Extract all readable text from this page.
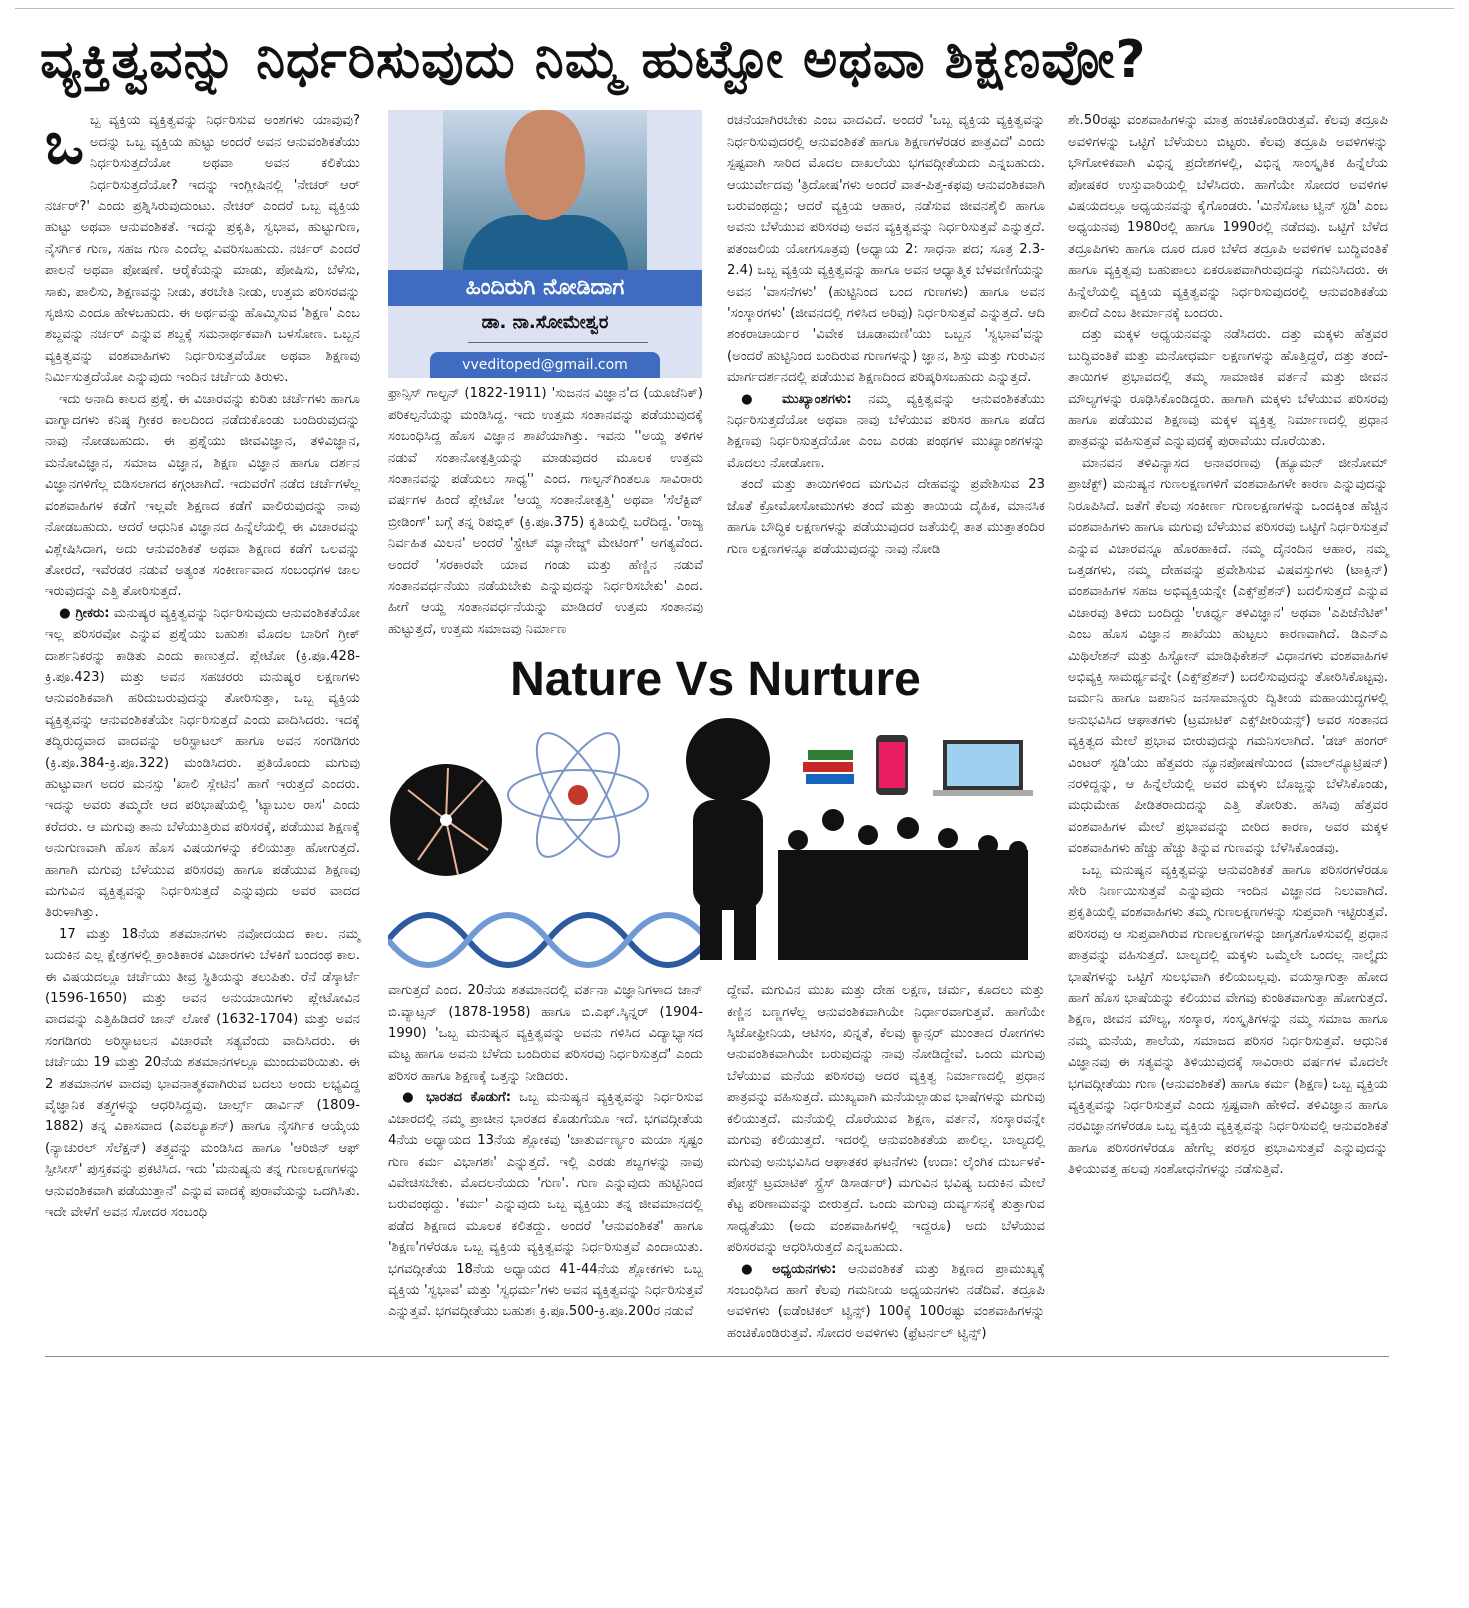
ವ್ಯಕ್ತಿತ್ವವನ್ನು ನಿರ್ಧರಿಸುವುದು ನಿಮ್ಮ ಹುಟ್ಟೋ ಅಥವಾ ಶಿಕ್ಷಣವೋ?

ಒಬ್ಬ ವ್ಯಕ್ತಿಯ ವ್ಯಕ್ತಿತ್ವವನ್ನು ನಿರ್ಧರಿಸುವ ಅಂಶಗಳು ಯಾವುವು? ಅದನ್ನು ಒಬ್ಬ ವ್ಯಕ್ತಿಯ ಹುಟ್ಟು ಅಂದರೆ ಅವನ ಆನುವಂಶಿಕತೆಯು ನಿರ್ಧರಿಸುತ್ತದೆಯೋ ಅಥವಾ ಅವನ ಕಲಿಕೆಯು ನಿರ್ಧರಿಸುತ್ತದೆಯೋ? ಇದನ್ನು ಇಂಗ್ಲೀಷಿನಲ್ಲಿ 'ನೇಚರ್ ಆರ್ ನರ್ಚರ್?' ಎಂದು ಪ್ರಶ್ನಿಸಿರುವುದುಂಟು. ನೇಚರ್ ಎಂದರೆ ಒಬ್ಬ ವ್ಯಕ್ತಿಯ ಹುಟ್ಟು ಅಥವಾ ಆನುವಂಶಿಕತೆ. ಇದನ್ನು ಪ್ರಕೃತಿ, ಸ್ವಭಾವ, ಹುಟ್ಟುಗುಣ, ನೈಸರ್ಗಿಕ ಗುಣ, ಸಹಜ ಗುಣ ಎಂದೆಲ್ಲ ವಿವರಿಸಬಹುದು. ನರ್ಚರ್ ಎಂದರೆ ಪಾಲನೆ ಅಥವಾ ಪೋಷಣೆ. ಆರೈಕೆಯನ್ನು ಮಾಡು, ಪೋಷಿಸು, ಬೆಳೆಸು, ಸಾಕು, ಪಾಲಿಸು, ಶಿಕ್ಷಣವನ್ನು ನೀಡು, ತರಬೇತಿ ನೀಡು, ಉತ್ತಮ ಪರಿಸರವನ್ನು ಸೃಜಿಸು ಎಂದೂ ಹೇಳಬಹುದು. ಈ ಅರ್ಥವನ್ನು ಹೊಮ್ಮಿಸುವ 'ಶಿಕ್ಷಣ' ಎಂಬ ಶಬ್ದವನ್ನು ನರ್ಚರ್ ಎನ್ನುವ ಶಬ್ದಕ್ಕೆ ಸಮನಾರ್ಥಕವಾಗಿ ಬಳಸೋಣ. ಒಬ್ಬನ ವ್ಯಕ್ತಿತ್ವವನ್ನು ವಂಶವಾಹಿಗಳು ನಿರ್ಧರಿಸುತ್ತವೆಯೋ ಅಥವಾ ಶಿಕ್ಷಣವು ನಿರ್ಮಿಸುತ್ತದೆಯೋ ಎನ್ನುವುದು ಇಂದಿನ ಚರ್ಚೆಯ ತಿರುಳು.

ಇದು ಅನಾದಿ ಕಾಲದ ಪ್ರಶ್ನೆ. ಈ ವಿಚಾರವನ್ನು ಕುರಿತು ಚರ್ಚೆಗಳು ಹಾಗೂ ವಾಗ್ವಾದಗಳು ಕನಿಷ್ಠ ಗ್ರೀಕರ ಕಾಲದಿಂದ ನಡೆದುಕೊಂಡು ಬಂದಿರುವುದನ್ನು ನಾವು ನೋಡಬಹುದು. ಈ ಪ್ರಶ್ನೆಯು ಜೀವವಿಜ್ಞಾನ, ತಳಿವಿಜ್ಞಾನ, ಮನೋವಿಜ್ಞಾನ, ಸಮಾಜ ವಿಜ್ಞಾನ, ಶಿಕ್ಷಣ ವಿಜ್ಞಾನ ಹಾಗೂ ದರ್ಶನ ವಿಜ್ಞಾನಗಳಿಗೆಲ್ಲ ಬಿಡಿಸಲಾಗದ ಕಗ್ಗಂಟಾಗಿದೆ. ಇದುವರೆಗೆ ನಡೆದ ಚರ್ಚೆಗಳೆಲ್ಲ ವಂಶವಾಹಿಗಳ ಕಡೆಗೆ ಇಲ್ಲವೇ ಶಿಕ್ಷಣದ ಕಡೆಗೆ ವಾಲಿರುವುದನ್ನು ನಾವು ನೋಡಬಹುದು. ಆದರೆ ಆಧುನಿಕ ವಿಜ್ಞಾನದ ಹಿನ್ನೆಲೆಯಲ್ಲಿ ಈ ವಿಚಾರವನ್ನು ವಿಶ್ಲೇಷಿಸಿದಾಗ, ಅದು ಆನುವಂಶಿಕತೆ ಅಥವಾ ಶಿಕ್ಷಣದ ಕಡೆಗೆ ಒಲವನ್ನು ತೋರದೆ, ಇವೆರಡರ ನಡುವೆ ಅತ್ಯಂತ ಸಂಕೀರ್ಣವಾದ ಸಂಬಂಧಗಳ ಜಾಲ ಇರುವುದನ್ನು ಎತ್ತಿ ತೋರಿಸುತ್ತದೆ.

● ಗ್ರೀಕರು: ಮನುಷ್ಯರ ವ್ಯಕ್ತಿತ್ವವನ್ನು ನಿರ್ಧರಿಸುವುದು ಆನುವಂಶಿಕತೆಯೋ ಇಲ್ಲ ಪರಿಸರವೋ ಎನ್ನುವ ಪ್ರಶ್ನೆಯು ಬಹುಶಃ ಮೊದಲ ಬಾರಿಗೆ ಗ್ರೀಕ್ ದಾರ್ಶನಿಕರನ್ನು ಕಾಡಿತು ಎಂದು ಕಾಣುತ್ತದೆ. ಪ್ಲೇಟೋ (ಕ್ರಿ.ಪೂ.428-ಕ್ರಿ.ಪೂ.423) ಮತ್ತು ಅವನ ಸಹಚರರು ಮನುಷ್ಯರ ಲಕ್ಷಣಗಳು ಆನುವಂಶಿಕವಾಗಿ ಹರಿದುಬರುವುದನ್ನು ತೋರಿಸುತ್ತಾ, ಒಬ್ಬ ವ್ಯಕ್ತಿಯ ವ್ಯಕ್ತಿತ್ವವನ್ನು ಆನುವಂಶಿಕತೆಯೇ ನಿರ್ಧರಿಸುತ್ತದೆ ಎಂದು ವಾದಿಸಿದರು. ಇದಕ್ಕೆ ತದ್ವಿರುದ್ಧವಾದ ವಾದವನ್ನು ಅರಿಸ್ಟಾಟಲ್ ಹಾಗೂ ಅವನ ಸಂಗಡಿಗರು (ಕ್ರಿ.ಪೂ.384-ಕ್ರಿ.ಪೂ.322) ಮಂಡಿಸಿದರು. ಪ್ರತಿಯೊಂದು ಮಗುವು ಹುಟ್ಟುವಾಗ ಅದರ ಮನಸ್ಸು 'ಖಾಲಿ ಸ್ಲೇಟಿನ' ಹಾಗೆ ಇರುತ್ತದೆ ಎಂದರು. ಇದನ್ನು ಅವರು ತಮ್ಮದೇ ಆದ ಪರಿಭಾಷೆಯಲ್ಲಿ 'ಟ್ಯಾಬುಲ ರಾಸ' ಎಂದು ಕರೆದರು. ಆ ಮಗುವು ತಾನು ಬೆಳೆಯುತ್ತಿರುವ ಪರಿಸರಕ್ಕೆ, ಪಡೆಯುವ ಶಿಕ್ಷಣಕ್ಕೆ ಅನುಗುಣವಾಗಿ ಹೊಸ ಹೊಸ ವಿಷಯಗಳನ್ನು ಕಲಿಯುತ್ತಾ ಹೋಗುತ್ತದೆ. ಹಾಗಾಗಿ ಮಗುವು ಬೆಳೆಯುವ ಪರಿಸರವು ಹಾಗೂ ಪಡೆಯುವ ಶಿಕ್ಷಣವು ಮಗುವಿನ ವ್ಯಕ್ತಿತ್ವವನ್ನು ನಿರ್ಧರಿಸುತ್ತದೆ ಎನ್ನುವುದು ಅವರ ವಾದದ ತಿರುಳಾಗಿತ್ತು.

17 ಮತ್ತು 18ನೆಯ ಶತಮಾನಗಳು ನವೋದಯದ ಕಾಲ. ನಮ್ಮ ಬದುಕಿನ ಎಲ್ಲ ಕ್ಷೇತ್ರಗಳಲ್ಲಿ ಕ್ರಾಂತಿಕಾರಕ ವಿಚಾರಗಳು ಬೆಳಕಿಗೆ ಬಂದಂಥ ಕಾಲ. ಈ ವಿಷಯದಲ್ಲೂ ಚರ್ಚೆಯು ತೀವ್ರ ಸ್ಥಿತಿಯನ್ನು ತಲುಪಿತು. ರೆನೆ ಡೆಸ್ಕಾರ್ಟೆ (1596-1650) ಮತ್ತು ಅವನ ಅನುಯಾಯಿಗಳು ಪ್ಲೇಟೋವಿನ ವಾದವನ್ನು ಎತ್ತಿಹಿಡಿದರೆ ಜಾನ್ ಲೋಕೆ (1632-1704) ಮತ್ತು ಅವನ ಸಂಗಡಿಗರು ಅರಿಸ್ಟಾಟಲನ ವಿಚಾರವೇ ಸತ್ಯವೆಂದು ವಾದಿಸಿದರು. ಈ ಚರ್ಚೆಯು 19 ಮತ್ತು 20ನೆಯ ಶತಮಾನಗಳಲ್ಲೂ ಮುಂದುವರಿಯಿತು. ಈ 2 ಶತಮಾನಗಳ ವಾದವು ಭಾವನಾತ್ಮಕವಾಗಿರುವ ಬದಲು ಅಂದು ಲಭ್ಯವಿದ್ದ ವೈಜ್ಞಾನಿಕ ತತ್ತ್ವಗಳನ್ನು ಆಧರಿಸಿದ್ದವು. ಚಾರ್ಲ್ಸ್ ಡಾರ್ವಿನ್ (1809-1882) ತನ್ನ ವಿಕಾಸವಾದ (ಎವಲ್ಯೂಶನ್) ಹಾಗೂ ನೈಸರ್ಗಿಕ ಆಯ್ಕೆಯ (ನ್ಯಾಚುರಲ್ ಸೆಲೆಕ್ಷನ್) ತತ್ತ್ವವನ್ನು ಮಂಡಿಸಿದ ಹಾಗೂ 'ಆರಿಜಿನ್ ಆಫ್ ಸ್ಪೀಸೀಸ್' ಪುಸ್ತಕವನ್ನು ಪ್ರಕಟಿಸಿದ. ಇದು 'ಮನುಷ್ಯನು ತನ್ನ ಗುಣಲಕ್ಷಣಗಳನ್ನು ಆನುವಂಶಿಕವಾಗಿ ಪಡೆಯುತ್ತಾನೆ' ಎನ್ನುವ ವಾದಕ್ಕೆ ಪುರಾವೆಯನ್ನು ಒದಗಿಸಿತು. ಇದೇ ವೇಳೆಗೆ ಅವನ ಸೋದರ ಸಂಬಂಧಿ

ಹಿಂದಿರುಗಿ ನೋಡಿದಾಗ
ಡಾ. ನಾ.ಸೋಮೇಶ್ವರ
vveditoped@gmail.com

ಫ್ರಾನ್ಸಿಸ್ ಗಾಲ್ಟನ್ (1822-1911) 'ಸುಜನನ ವಿಜ್ಞಾನ'ದ (ಯೂಜೆನಿಕ್) ಪರಿಕಲ್ಪನೆಯನ್ನು ಮಂಡಿಸಿದ್ದ. ಇದು ಉತ್ತಮ ಸಂತಾನವನ್ನು ಪಡೆಯುವುದಕ್ಕೆ ಸಂಬಂಧಿಸಿದ್ದ ಹೊಸ ವಿಜ್ಞಾನ ಶಾಖೆಯಾಗಿತ್ತು. ಇವನು ''ಅಯ್ದ ತಳಿಗಳ ನಡುವೆ ಸಂತಾನೋತ್ಪತ್ತಿಯನ್ನು ಮಾಡುವುದರ ಮೂಲಕ ಉತ್ತಮ ಸಂತಾನವನ್ನು ಪಡೆಯಲು ಸಾಧ್ಯ'' ಎಂದ. ಗಾಲ್ಟನ್‌ಗಿಂತಲೂ ಸಾವಿರಾರು ವರ್ಷಗಳ ಹಿಂದೆ ಪ್ಲೇಟೋ 'ಆಯ್ದ ಸಂತಾನೋತ್ಪತ್ತಿ' ಅಥವಾ 'ಸೆಲೆಕ್ಟಿವ್ ಬ್ರೀಡಿಂಗ್' ಬಗ್ಗೆ ತನ್ನ ರಿಪಬ್ಲಿಕ್ (ಕ್ರಿ.ಪೂ.375) ಕೃತಿಯಲ್ಲಿ ಬರೆದಿದ್ದ. 'ರಾಜ್ಯ ನಿರ್ವಹಿತ ಮಿಲನ' ಅಂದರೆ 'ಸ್ಟೇಟ್ ಮ್ಯಾನೇಜ್ಡ್ ಮೇಟಿಂಗ್' ಅಗತ್ಯವೆಂದ. ಅಂದರೆ 'ಸರಕಾರವೇ ಯಾವ ಗಂಡು ಮತ್ತು ಹೆಣ್ಣಿನ ನಡುವೆ ಸಂತಾನವರ್ಧನೆಯು ನಡೆಯಬೇಕು ಎನ್ನುವುದನ್ನು ನಿರ್ಧರಿಸಬೇಕು' ಎಂದ. ಹೀಗೆ ಆಯ್ದ ಸಂತಾನವರ್ಧನೆಯನ್ನು ಮಾಡಿದರೆ ಉತ್ತಮ ಸಂತಾನವು ಹುಟ್ಟುತ್ತದೆ, ಉತ್ತಮ ಸಮಾಜವು ನಿರ್ಮಾಣ

ರಚನೆಯಾಗಿರಬೇಕು ಎಂಬ ವಾದವಿದೆ. ಅಂದರೆ 'ಒಬ್ಬ ವ್ಯಕ್ತಿಯ ವ್ಯಕ್ತಿತ್ವವನ್ನು ನಿರ್ಧರಿಸುವುದರಲ್ಲಿ ಆನುವಂಶಿಕತೆ ಹಾಗೂ ಶಿಕ್ಷಣಗಳೆರಡರ ಪಾತ್ರವಿದೆ' ಎಂದು ಸ್ಪಷ್ಟವಾಗಿ ಸಾರಿದ ಮೊದಲ ದಾಖಲೆಯು ಭಗವದ್ಗೀತೆಯದು ಎನ್ನಬಹುದು. ಆಯುರ್ವೇದವು 'ತ್ರಿದೋಷ'ಗಳು ಅಂದರೆ ವಾತ-ಪಿತ್ತ-ಕಫವು ಆನುವಂಶಿಕವಾಗಿ ಬರುವಂಥದ್ದು; ಆದರೆ ವ್ಯಕ್ತಿಯ ಆಹಾರ, ನಡೆಸುವ ಜೀವನಶೈಲಿ ಹಾಗೂ ಅವನು ಬೆಳೆಯುವ ಪರಿಸರವು ಅವನ ವ್ಯಕ್ತಿತ್ವವನ್ನು ನಿರ್ಧರಿಸುತ್ತವೆ ಎನ್ನುತ್ತದೆ. ಪತಂಜಲಿಯ ಯೋಗಸೂತ್ರವು (ಅಧ್ಯಾಯ 2: ಸಾಧನಾ ಪದ; ಸೂತ್ರ 2.3-2.4) ಒಬ್ಬ ವ್ಯಕ್ತಿಯ ವ್ಯಕ್ತಿತ್ವವನ್ನು ಹಾಗೂ ಅವನ ಆಧ್ಯಾತ್ಮಿಕ ಬೆಳವಣಿಗೆಯನ್ನು ಅವನ 'ವಾಸನೆಗಳು' (ಹುಟ್ಟಿನಿಂದ ಬಂದ ಗುಣಗಳು) ಹಾಗೂ ಅವನ 'ಸಂಸ್ಕಾರಗಳು' (ಜೀವನದಲ್ಲಿ ಗಳಿಸಿದ ಅರಿವು) ನಿರ್ಧರಿಸುತ್ತವೆ ಎನ್ನುತ್ತದೆ. ಆದಿ ಶಂಕರಾಚಾರ್ಯರ 'ವಿವೇಕ ಚೂಡಾಮಣಿ'ಯು ಒಬ್ಬನ 'ಸ್ವಭಾವ'ವನ್ನು (ಅಂದರೆ ಹುಟ್ಟಿನಿಂದ ಬಂದಿರುವ ಗುಣಗಳನ್ನು) ಜ್ಞಾನ, ಶಿಸ್ತು ಮತ್ತು ಗುರುವಿನ ಮಾರ್ಗದರ್ಶನದಲ್ಲಿ ಪಡೆಯುವ ಶಿಕ್ಷಣದಿಂದ ಪರಿಷ್ಕರಿಸಬಹುದು ಎನ್ನುತ್ತದೆ.

● ಮುಖ್ಯಾಂಶಗಳು: ನಮ್ಮ ವ್ಯಕ್ತಿತ್ವವನ್ನು ಆನುವಂಶಿಕತೆಯು ನಿರ್ಧರಿಸುತ್ತದೆಯೋ ಅಥವಾ ನಾವು ಬೆಳೆಯುವ ಪರಿಸರ ಹಾಗೂ ಪಡೆದ ಶಿಕ್ಷಣವು ನಿರ್ಧರಿಸುತ್ತದೆಯೋ ಎಂಬ ಎರಡು ಪಂಥಗಳ ಮುಖ್ಯಾಂಶಗಳನ್ನು ಮೊದಲು ನೋಡೋಣ.

ತಂದೆ ಮತ್ತು ತಾಯಿಗಳಿಂದ ಮಗುವಿನ ದೇಹವನ್ನು ಪ್ರವೇಶಿಸುವ 23 ಜೊತೆ ಕ್ರೋಮೋಸೋಮುಗಳು ತಂದೆ ಮತ್ತು ತಾಯಿಯ ದೈಹಿಕ, ಮಾನಸಿಕ ಹಾಗೂ ಬೌದ್ಧಿಕ ಲಕ್ಷಣಗಳನ್ನು ಪಡೆಯುವುದರ ಜತೆಯಲ್ಲಿ ತಾತ ಮುತ್ತಾತಂದಿರ ಗುಣ ಲಕ್ಷಣಗಳನ್ನೂ ಪಡೆಯುವುದನ್ನು ನಾವು ನೋಡಿ

Nature Vs Nurture

ವಾಗುತ್ತದೆ ಎಂದ. 20ನೆಯ ಶತಮಾನದಲ್ಲಿ ವರ್ತನಾ ವಿಜ್ಞಾನಿಗಳಾದ ಜಾನ್ ಬಿ.ವ್ಯಾಟ್ಸನ್ (1878-1958) ಹಾಗೂ ಬಿ.ಎಫ್.ಸ್ಕಿನ್ನರ್ (1904-1990) 'ಒಬ್ಬ ಮನುಷ್ಯನ ವ್ಯಕ್ತಿತ್ವವನ್ನು ಅವನು ಗಳಿಸಿದ ವಿದ್ಯಾಭ್ಯಾಸದ ಮಟ್ಟ ಹಾಗೂ ಅವನು ಬೆಳೆದು ಬಂದಿರುವ ಪರಿಸರವು ನಿರ್ಧರಿಸುತ್ತದೆ' ಎಂದು ಪರಿಸರ ಹಾಗೂ ಶಿಕ್ಷಣಕ್ಕೆ ಒತ್ತನ್ನು ನೀಡಿದರು.

● ಭಾರತದ ಕೊಡುಗೆ: ಒಬ್ಬ ಮನುಷ್ಯನ ವ್ಯಕ್ತಿತ್ವವನ್ನು ನಿರ್ಧರಿಸುವ ವಿಚಾರದಲ್ಲಿ ನಮ್ಮ ಪ್ರಾಚೀನ ಭಾರತದ ಕೊಡುಗೆಯೂ ಇದೆ. ಭಗವದ್ಗೀತೆಯ 4ನೆಯ ಅಧ್ಯಾಯದ 13ನೆಯ ಶ್ಲೋಕವು 'ಚಾತುರ್ವರ್ಣ್ಯಂ ಮಯಾ ಸೃಷ್ಟಂ ಗುಣ ಕರ್ಮ ವಿಭಾಗಶಃ' ಎನ್ನುತ್ತದೆ. ಇಲ್ಲಿ ಎರಡು ಶಬ್ದಗಳನ್ನು ನಾವು ವಿವೇಚಿಸಬೇಕು. ಮೊದಲನೆಯದು 'ಗುಣ'. ಗುಣ ಎನ್ನುವುದು ಹುಟ್ಟಿನಿಂದ ಬರುವಂಥದ್ದು. 'ಕರ್ಮ' ಎನ್ನುವುದು ಒಬ್ಬ ವ್ಯಕ್ತಿಯು ತನ್ನ ಜೀವಮಾನದಲ್ಲಿ ಪಡೆದ ಶಿಕ್ಷಣದ ಮೂಲಕ ಕಲಿತದ್ದು. ಅಂದರೆ 'ಆನುವಂಶಿಕತೆ' ಹಾಗೂ 'ಶಿಕ್ಷಣ'ಗಳೆರಡೂ ಒಬ್ಬ ವ್ಯಕ್ತಿಯ ವ್ಯಕ್ತಿತ್ವವನ್ನು ನಿರ್ಧರಿಸುತ್ತವೆ ಎಂದಾಯಿತು. ಭಗವದ್ಗೀತೆಯ 18ನೆಯ ಅಧ್ಯಾಯದ 41-44ನೆಯ ಶ್ಲೋಕಗಳು ಒಬ್ಬ ವ್ಯಕ್ತಿಯ 'ಸ್ವಭಾವ' ಮತ್ತು 'ಸ್ವಧರ್ಮ'ಗಳು ಅವನ ವ್ಯಕ್ತಿತ್ವವನ್ನು ನಿರ್ಧರಿಸುತ್ತವೆ ಎನ್ನುತ್ತವೆ. ಭಗವದ್ಗೀತೆಯು ಬಹುಶಃ ಕ್ರಿ.ಪೂ.500-ಕ್ರಿ.ಪೂ.200ರ ನಡುವೆ

ದ್ದೇವೆ. ಮಗುವಿನ ಮುಖ ಮತ್ತು ದೇಹ ಲಕ್ಷಣ, ಚರ್ಮ, ಕೂದಲು ಮತ್ತು ಕಣ್ಣಿನ ಬಣ್ಣಗಳೆಲ್ಲ ಆನುವಂಶಿಕವಾಗಿಯೇ ನಿರ್ಧಾರವಾಗುತ್ತವೆ. ಹಾಗೆಯೇ ಸ್ಕಿಜೋಫ್ರೀನಿಯ, ಆಟಿಸಂ, ಖಿನ್ನತೆ, ಕೆಲವು ಕ್ಯಾನ್ಸರ್ ಮುಂತಾದ ರೋಗಗಳು ಆನುವಂಶಿಕವಾಗಿಯೇ ಬರುವುದನ್ನು ನಾವು ನೋಡಿದ್ದೇವೆ. ಒಂದು ಮಗುವು ಬೆಳೆಯುವ ಮನೆಯ ಪರಿಸರವು ಅದರ ವ್ಯಕ್ತಿತ್ವ ನಿರ್ಮಾಣದಲ್ಲಿ ಪ್ರಧಾನ ಪಾತ್ರವನ್ನು ವಹಿಸುತ್ತದೆ. ಮುಖ್ಯವಾಗಿ ಮನೆಯಲ್ಲಾಡುವ ಭಾಷೆಗಳನ್ನು ಮಗುವು ಕಲಿಯುತ್ತದೆ. ಮನೆಯಲ್ಲಿ ದೊರೆಯುವ ಶಿಕ್ಷಣ, ವರ್ತನೆ, ಸಂಸ್ಕಾರವನ್ನೇ ಮಗುವು ಕಲಿಯುತ್ತದೆ. ಇದರಲ್ಲಿ ಆನುವಂಶಿಕತೆಯ ಪಾಲಿಲ್ಲ. ಬಾಲ್ಯದಲ್ಲಿ ಮಗುವು ಅನುಭವಿಸಿದ ಆಘಾತಕರ ಘಟನೆಗಳು (ಉದಾ: ಲೈಂಗಿಕ ದುರ್ಬಳಕೆ-ಪೋಸ್ಟ್ ಟ್ರಮಾಟಿಕ್ ಸ್ಟ್ರೆಸ್ ಡಿಸಾರ್ಡರ್) ಮಗುವಿನ ಭವಿಷ್ಯ ಬದುಕಿನ ಮೇಲೆ ಕೆಟ್ಟ ಪರಿಣಾಮವನ್ನು ಬೀರುತ್ತದೆ. ಒಂದು ಮಗುವು ದುರ್ವ್ಯಸನಕ್ಕೆ ತುತ್ತಾಗುವ ಸಾಧ್ಯತೆಯು (ಅದು ವಂಶವಾಹಿಗಳಲ್ಲಿ ಇದ್ದರೂ) ಅದು ಬೆಳೆಯುವ ಪರಿಸರವನ್ನು ಆಧರಿಸಿರುತ್ತದೆ ಎನ್ನಬಹುದು.

● ಅಧ್ಯಯನಗಳು: ಆನುವಂಶಿಕತೆ ಮತ್ತು ಶಿಕ್ಷಣದ ಪ್ರಾಮುಖ್ಯಕ್ಕೆ ಸಂಬಂಧಿಸಿದ ಹಾಗೆ ಕೆಲವು ಗಮನೀಯ ಅಧ್ಯಯನಗಳು ನಡೆದಿವೆ. ತದ್ರೂಪಿ ಅವಳಿಗಳು (ಐಡೆಂಟಿಕಲ್ ಟ್ವಿನ್ಸ್) 100ಕ್ಕೆ 100ರಷ್ಟು ವಂಶವಾಹಿಗಳನ್ನು ಹಂಚಿಕೊಂಡಿರುತ್ತವೆ. ಸೋದರ ಅವಳಿಗಳು (ಫ್ರೆಟರ್ನಲ್ ಟ್ವಿನ್ಸ್)

ಶೇ.50ರಷ್ಟು ವಂಶವಾಹಿಗಳನ್ನು ಮಾತ್ರ ಹಂಚಿಕೊಂಡಿರುತ್ತವೆ. ಕೆಲವು ತದ್ರೂಪಿ ಅವಳಿಗಳನ್ನು ಒಟ್ಟಿಗೆ ಬೆಳೆಯಲು ಬಿಟ್ಟರು. ಕೆಲವು ತದ್ರೂಪಿ ಅವಳಿಗಳನ್ನು ಭೌಗೋಳಿಕವಾಗಿ ವಿಭಿನ್ನ ಪ್ರದೇಶಗಳಲ್ಲಿ, ವಿಭಿನ್ನ ಸಾಂಸ್ಕೃತಿಕ ಹಿನ್ನೆಲೆಯ ಪೋಷಕರ ಉಸ್ತುವಾರಿಯಲ್ಲಿ ಬೆಳೆಸಿದರು. ಹಾಗೆಯೇ ಸೋದರ ಅವಳಿಗಳ ವಿಷಯದಲ್ಲೂ ಅಧ್ಯಯನವನ್ನು ಕೈಗೊಂಡರು. 'ಮಿನೆಸೋಟ ಟ್ವಿನ್ ಸ್ಟಡಿ' ಎಂಬ ಅಧ್ಯಯನವು 1980ರಲ್ಲಿ ಹಾಗೂ 1990ರಲ್ಲಿ ನಡೆದವು. ಒಟ್ಟಿಗೆ ಬೆಳೆದ ತದ್ರೂಪಿಗಳು ಹಾಗೂ ದೂರ ದೂರ ಬೆಳೆದ ತದ್ರೂಪಿ ಅವಳಿಗಳ ಬುದ್ಧಿವಂತಿಕೆ ಹಾಗೂ ವ್ಯಕ್ತಿತ್ವವು ಬಹುಪಾಲು ಏಕರೂಪವಾಗಿರುವುದನ್ನು ಗಮನಿಸಿದರು. ಈ ಹಿನ್ನೆಲೆಯಲ್ಲಿ ವ್ಯಕ್ತಿಯ ವ್ಯಕ್ತಿತ್ವವನ್ನು ನಿರ್ಧರಿಸುವುದರಲ್ಲಿ ಆನುವಂಶಿಕತೆಯ ಪಾಲಿದೆ ಎಂಬ ತೀರ್ಮಾನಕ್ಕೆ ಬಂದರು.

ದತ್ತು ಮಕ್ಕಳ ಅಧ್ಯಯನವನ್ನು ನಡೆಸಿದರು. ದತ್ತು ಮಕ್ಕಳು ಹೆತ್ತವರ ಬುದ್ಧಿವಂತಿಕೆ ಮತ್ತು ಮನೋಧರ್ಮ ಲಕ್ಷಣಗಳನ್ನು ಹೊತ್ತಿದ್ದರೆ, ದತ್ತು ತಂದೆ-ತಾಯಿಗಳ ಪ್ರಭಾವದಲ್ಲಿ ತಮ್ಮ ಸಾಮಾಜಿಕ ವರ್ತನೆ ಮತ್ತು ಜೀವನ ಮೌಲ್ಯಗಳನ್ನು ರೂಢಿಸಿಕೊಂಡಿದ್ದರು. ಹಾಗಾಗಿ ಮಕ್ಕಳು ಬೆಳೆಯುವ ಪರಿಸರವು ಹಾಗೂ ಪಡೆಯುವ ಶಿಕ್ಷಣವು ಮಕ್ಕಳ ವ್ಯಕ್ತಿತ್ವ ನಿರ್ಮಾಣದಲ್ಲಿ ಪ್ರಧಾನ ಪಾತ್ರವನ್ನು ವಹಿಸುತ್ತವೆ ಎನ್ನುವುದಕ್ಕೆ ಪುರಾವೆಯು ದೊರೆಯಿತು.

ಮಾನವನ ತಳಿವಿನ್ಯಾಸದ ಅನಾವರಣವು (ಹ್ಯೂಮನ್ ಜೀನೋಮ್ ಪ್ರಾಜೆಕ್ಟ್) ಮನುಷ್ಯನ ಗುಣಲಕ್ಷಣಗಳಿಗೆ ವಂಶವಾಹಿಗಳೇ ಕಾರಣ ಎನ್ನುವುದನ್ನು ನಿರೂಪಿಸಿದೆ. ಜತೆಗೆ ಕೆಲವು ಸಂಕೀರ್ಣ ಗುಣಲಕ್ಷಣಗಳನ್ನು ಒಂದಕ್ಕಿಂತ ಹೆಚ್ಚಿನ ವಂಶವಾಹಿಗಳು ಹಾಗೂ ಮಗುವು ಬೆಳೆಯುವ ಪರಿಸರವು ಒಟ್ಟಿಗೆ ನಿರ್ಧರಿಸುತ್ತವೆ ಎನ್ನುವ ವಿಚಾರವನ್ನೂ ಹೊರಹಾಕಿದೆ. ನಮ್ಮ ದೈನಂದಿನ ಆಹಾರ, ನಮ್ಮ ಒತ್ತಡಗಳು, ನಮ್ಮ ದೇಹವನ್ನು ಪ್ರವೇಶಿಸುವ ವಿಷವಸ್ತುಗಳು (ಟಾಕ್ಸಿನ್) ವಂಶವಾಹಿಗಳ ಸಹಜ ಅಭಿವ್ಯಕ್ತಿಯನ್ನೇ (ಎಕ್ಸ್‌ಪ್ರೆಶನ್) ಬದಲಿಸುತ್ತದೆ ಎನ್ನುವ ವಿಚಾರವು ತಿಳಿದು ಬಂದಿದ್ದು 'ಊರ್ಧ್ವ ತಳಿವಿಜ್ಞಾನ' ಅಥವಾ 'ಎಪಿಜೆನೆಟಿಕ್' ಎಂಬ ಹೊಸ ವಿಜ್ಞಾನ ಶಾಖೆಯು ಹುಟ್ಟಲು ಕಾರಣವಾಗಿದೆ. ಡಿಎನ್‌ಎ ಮಿಥಿಲೇಶನ್ ಮತ್ತು ಹಿಸ್ಟೋನ್ ಮಾಡಿಫಿಕೇಶನ್ ವಿಧಾನಗಳು ವಂಶವಾಹಿಗಳ ಅಭಿವ್ಯಕ್ತಿ ಸಾಮರ್ಥ್ಯವನ್ನೇ (ಎಕ್ಸ್‌ಪ್ರೆಶನ್) ಬದಲಿಸುವುದನ್ನು ತೋರಿಸಿಕೊಟ್ಟವು. ಜರ್ಮನಿ ಹಾಗೂ ಜಪಾನಿನ ಜನಸಾಮಾನ್ಯರು ದ್ವಿತೀಯ ಮಹಾಯುದ್ಧಗಳಲ್ಲಿ ಅನುಭವಿಸಿದ ಆಘಾತಗಳು (ಟ್ರಮಾಟಿಕ್ ಎಕ್ಸ್‌ಪೀರಿಯನ್ಸ್) ಅವರ ಸಂತಾನದ ವ್ಯಕ್ತಿತ್ವದ ಮೇಲೆ ಪ್ರಭಾವ ಬೀರುವುದನ್ನು ಗಮನಿಸಲಾಗಿದೆ. 'ಡಚ್ ಹಂಗರ್ ವಿಂಟರ್ ಸ್ಟಡಿ'ಯು ಹೆತ್ತವರು ನ್ಯೂನಪೋಷಣೆಯಿಂದ (ಮಾಲ್‌ನ್ಯೂಟ್ರಿಷನ್) ನರಳಿದ್ದನ್ನು, ಆ ಹಿನ್ನೆಲೆಯಲ್ಲಿ ಅವರ ಮಕ್ಕಳು ಬೊಜ್ಜನ್ನು ಬೆಳೆಸಿಕೊಂಡು, ಮಧುಮೇಹ ಪೀಡಿತರಾದುದನ್ನು ಎತ್ತಿ ತೋರಿತು. ಹಸಿವು ಹೆತ್ತವರ ವಂಶವಾಹಿಗಳ ಮೇಲೆ ಪ್ರಭಾವವನ್ನು ಬೀರಿದ ಕಾರಣ, ಅವರ ಮಕ್ಕಳ ವಂಶವಾಹಿಗಳು ಹೆಚ್ಚು ಹೆಚ್ಚು ತಿನ್ನುವ ಗುಣವನ್ನು ಬೆಳೆಸಿಕೊಂಡವು.

ಒಬ್ಬ ಮನುಷ್ಯನ ವ್ಯಕ್ತಿತ್ವವನ್ನು ಆನುವಂಶಿಕತೆ ಹಾಗೂ ಪರಿಸರಗಳೆರಡೂ ಸೇರಿ ನಿರ್ಣಯಿಸುತ್ತವೆ ಎನ್ನುವುದು ಇಂದಿನ ವಿಜ್ಞಾನದ ನಿಲುವಾಗಿದೆ. ಪ್ರಕೃತಿಯಲ್ಲಿ ವಂಶವಾಹಿಗಳು ತಮ್ಮ ಗುಣಲಕ್ಷಣಗಳನ್ನು ಸುಪ್ತವಾಗಿ ಇಟ್ಟಿರುತ್ತವೆ. ಪರಿಸರವು ಆ ಸುಪ್ತವಾಗಿರುವ ಗುಣಲಕ್ಷಣಗಳನ್ನು ಜಾಗೃತಗೊಳಿಸುವಲ್ಲಿ ಪ್ರಧಾನ ಪಾತ್ರವನ್ನು ವಹಿಸುತ್ತದೆ. ಬಾಲ್ಯದಲ್ಲಿ ಮಕ್ಕಳು ಒಮ್ಮೆಲೇ ಒಂದಲ್ಲ ನಾಲ್ಕೈದು ಭಾಷೆಗಳನ್ನು ಒಟ್ಟಿಗೆ ಸುಲಭವಾಗಿ ಕಲಿಯಬಲ್ಲವು. ವಯಸ್ಸಾಗುತ್ತಾ ಹೋದ ಹಾಗೆ ಹೊಸ ಭಾಷೆಯನ್ನು ಕಲಿಯುವ ವೇಗವು ಕುಂಠಿತವಾಗುತ್ತಾ ಹೋಗುತ್ತದೆ. ಶಿಕ್ಷಣ, ಜೀವನ ಮೌಲ್ಯ, ಸಂಸ್ಕಾರ, ಸಂಸ್ಕೃತಿಗಳನ್ನು ನಮ್ಮ ಸಮಾಜ ಹಾಗೂ ನಮ್ಮ ಮನೆಯ, ಶಾಲೆಯ, ಸಮಾಜದ ಪರಿಸರ ನಿರ್ಧರಿಸುತ್ತವೆ. ಆಧುನಿಕ ವಿಜ್ಞಾನವು ಈ ಸತ್ಯವನ್ನು ತಿಳಿಯುವುದಕ್ಕೆ ಸಾವಿರಾರು ವರ್ಷಗಳ ಮೊದಲೇ ಭಗವದ್ಗೀತೆಯು ಗುಣ (ಆನುವಂಶಿಕತೆ) ಹಾಗೂ ಕರ್ಮ (ಶಿಕ್ಷಣ) ಒಬ್ಬ ವ್ಯಕ್ತಿಯ ವ್ಯಕ್ತಿತ್ವವನ್ನು ನಿರ್ಧರಿಸುತ್ತವೆ ಎಂದು ಸ್ಪಷ್ಟವಾಗಿ ಹೇಳಿದೆ. ತಳಿವಿಜ್ಞಾನ ಹಾಗೂ ನರವಿಜ್ಞಾನಗಳೆರಡೂ ಒಬ್ಬ ವ್ಯಕ್ತಿಯ ವ್ಯಕ್ತಿತ್ವವನ್ನು ನಿರ್ಧರಿಸುವಲ್ಲಿ ಆನುವಂಶಿಕತೆ ಹಾಗೂ ಪರಿಸರಗಳೆರಡೂ ಹೇಗೆಲ್ಲ ಪರಸ್ಪರ ಪ್ರಭಾವಿಸುತ್ತವೆ ಎನ್ನುವುದನ್ನು ತಿಳಿಯುವತ್ತ ಹಲವು ಸಂಶೋಧನೆಗಳನ್ನು ನಡೆಸುತ್ತಿವೆ.
